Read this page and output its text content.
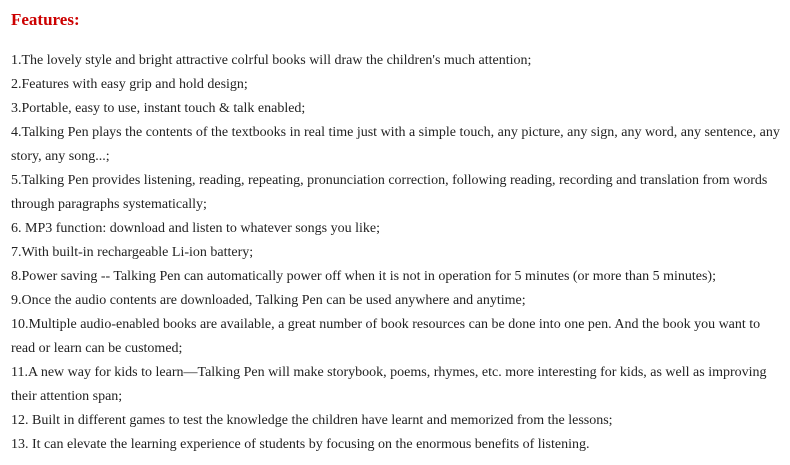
Features:
1.The lovely style and bright attractive colrful books will draw the children's much attention;
2.Features with easy grip and hold design;
3.Portable, easy to use, instant touch & talk enabled;
4.Talking Pen plays the contents of the textbooks in real time just with a simple touch, any picture, any sign, any word, any sentence, any story, any song...;
5.Talking Pen provides listening, reading, repeating, pronunciation correction, following reading, recording and translation from words through paragraphs systematically;
6. MP3 function: download and listen to whatever songs you like;
7.With built-in rechargeable Li-ion battery;
8.Power saving -- Talking Pen can automatically power off when it is not in operation for 5 minutes (or more than 5 minutes);
9.Once the audio contents are downloaded, Talking Pen can be used anywhere and anytime;
10.Multiple audio-enabled books are available, a great number of book resources can be done into one pen. And the book you want to read or learn can be customed;
11.A new way for kids to learn—Talking Pen will make storybook, poems, rhymes, etc. more interesting for kids, as well as improving their attention span;
12. Built in different games to test the knowledge the children have learnt and memorized from the lessons;
13. It can elevate the learning experience of students by focusing on the enormous benefits of listening.
